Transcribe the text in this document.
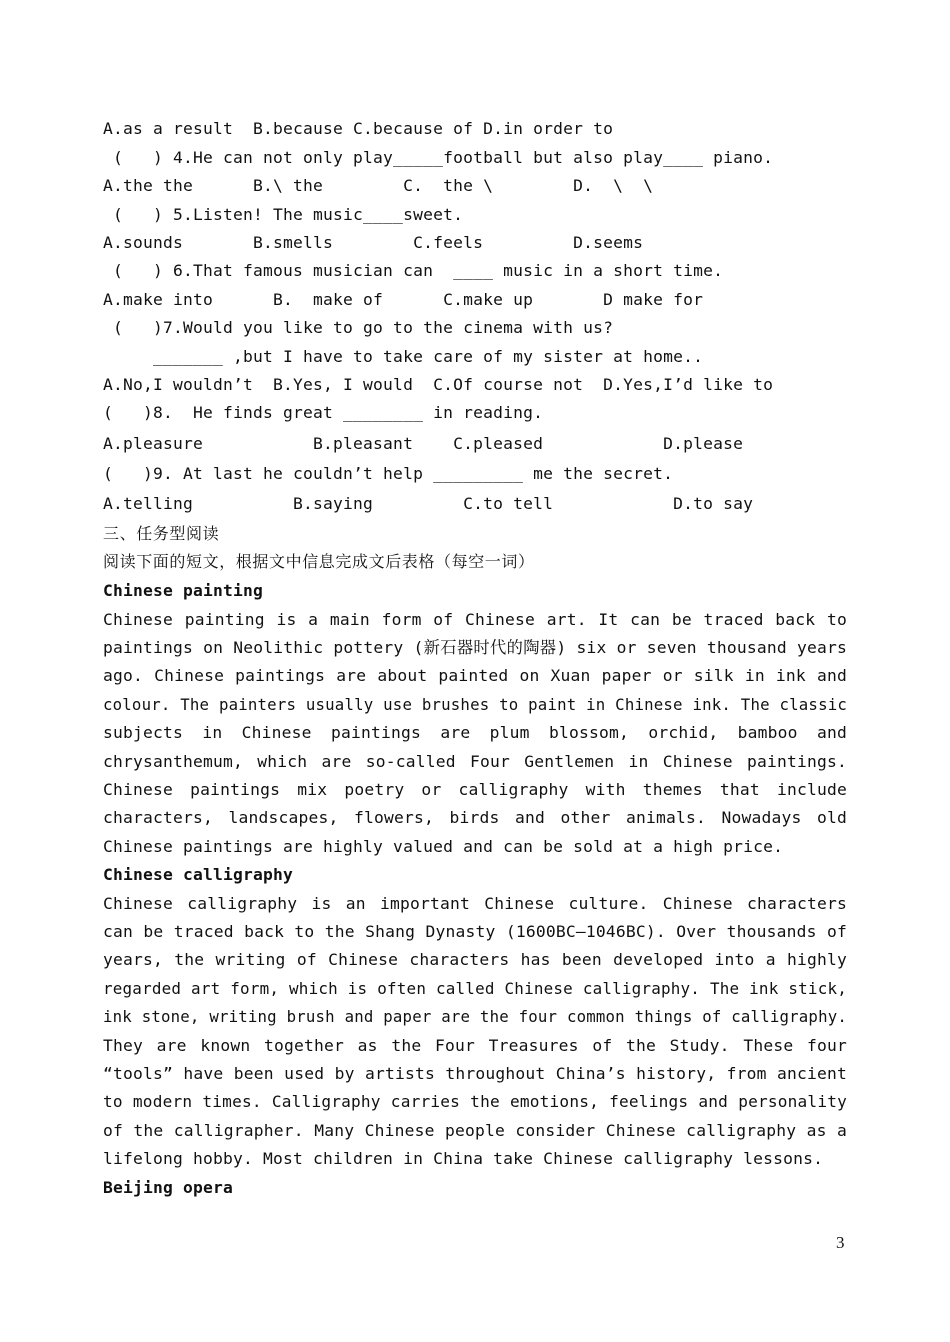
A.as a result  B.because C.because of D.in order to
(   ) 4.He can not only play_____football but also play____ piano.
A.the the      B.\ the        C.  the \        D.  \  \
(   ) 5.Listen! The music____sweet.
A.sounds       B.smells        C.feels         D.seems
(   ) 6.That famous musician can  ____ music in a short time.
A.make into      B.  make of      C.make up       D make for
(   )7.Would you like to go to the cinema with us?
_______ ,but I have to take care of my sister at home..
A.No,I wouldn’t  B.Yes, I would  C.Of course not  D.Yes,I’d like to
(   )8.  He finds great ________ in reading.
A.pleasure           B.pleasant    C.pleased            D.please
(   )9. At last he couldn’t help _________ me the secret.
A.telling          B.saying         C.to tell            D.to say
三、任务型阅读
阅读下面的短文，根据文中信息完成文后表格（每空一词）
Chinese painting
Chinese painting is a main form of Chinese art. It can be traced back to
paintings on Neolithic pottery (新石器时代的陶器) six or seven thousand years
ago. Chinese paintings are about painted on Xuan paper or silk in ink and
colour. The painters usually use brushes to paint in Chinese ink. The classic
subjects in Chinese paintings are plum blossom, orchid, bamboo and
chrysanthemum, which are so-called Four Gentlemen in Chinese paintings.
Chinese paintings mix poetry or calligraphy with themes that include
characters, landscapes, flowers, birds and other animals. Nowadays old
Chinese paintings are highly valued and can be sold at a high price.
Chinese calligraphy
Chinese calligraphy is an important Chinese culture. Chinese characters
can be traced back to the Shang Dynasty (1600BC—1046BC). Over thousands of
years, the writing of Chinese characters has been developed into a highly
regarded art form, which is often called Chinese calligraphy. The ink stick,
ink stone, writing brush and paper are the four common things of calligraphy.
They are known together as the Four Treasures of the Study. These four
“tools” have been used by artists throughout China’s history, from ancient
to modern times. Calligraphy carries the emotions, feelings and personality
of the calligrapher. Many Chinese people consider Chinese calligraphy as a
lifelong hobby. Most children in China take Chinese calligraphy lessons.
Beijing opera
3
